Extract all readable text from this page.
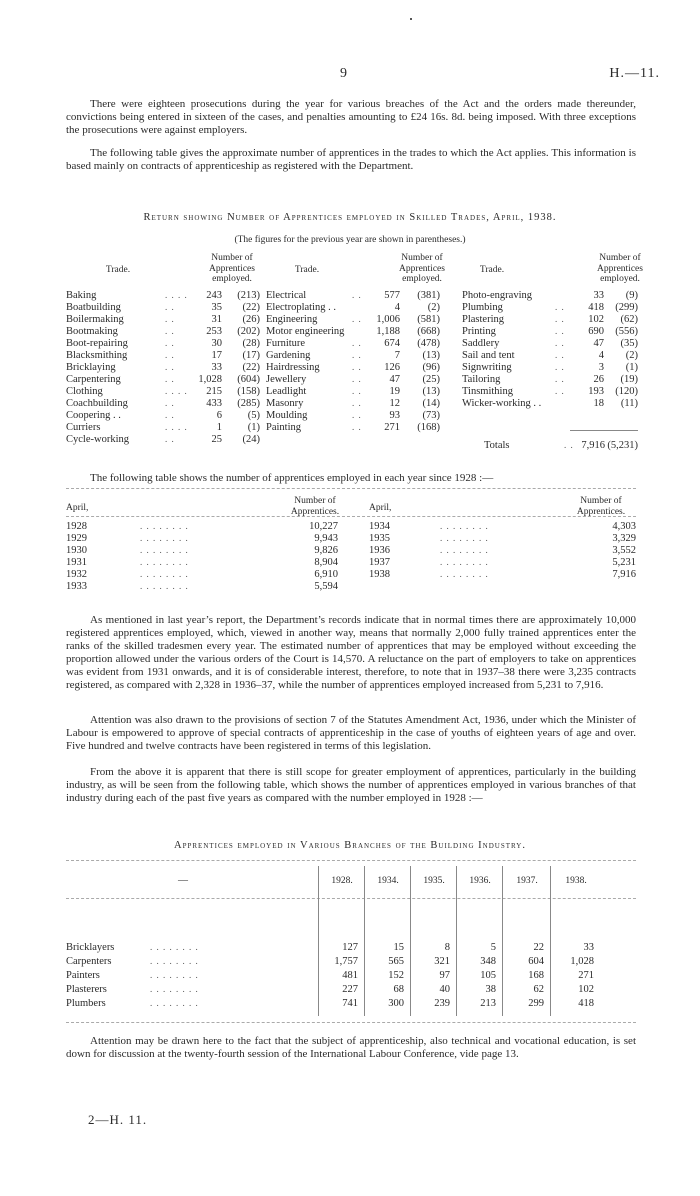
9	H.—11.

There were eighteen prosecutions during the year for various breaches of the Act and the orders made thereunder, convictions being entered in sixteen of the cases, and penalties amounting to £24 16s. 8d. being imposed. With three exceptions the prosecutions were against employers.

The following table gives the approximate number of apprentices in the trades to which the Act applies. This information is based mainly on contracts of apprenticeship as registered with the Department.

Return showing Number of Apprentices employed in Skilled Trades, April, 1938.
(The figures for the previous year are shown in parentheses.)
Trade.
Number of Apprentices employed.
Trade.
Number of Apprentices employed.
Trade.
Number of Apprentices employed.
Baking	. . . .	243	(213)
Boatbuilding	. .	35	(22)
Boilermaking	. .	31	(26)
Bootmaking	. .	253	(202)
Boot-repairing	. .	30	(28)
Blacksmithing	. .	17	(17)
Bricklaying	. .	33	(22)
Carpentering	. .	1,028	(604)
Clothing	. . . .	215	(158)
Coachbuilding	. .	433	(285)
Coopering . .	. .	6	(5)
Curriers	. . . .	1	(1)
Cycle-working	. .	25	(24)
Electrical	. .	577	(381)
Electroplating . .	4	(2)
Engineering	. .	1,006	(581)
Motor engineering	1,188	(668)
Furniture	. .	674	(478)
Gardening	. .	7	(13)
Hairdressing	. .	126	(96)
Jewellery	. .	47	(25)
Leadlight	. .	19	(13)
Masonry	. .	12	(14)
Moulding	. .	93	(73)
Painting	. .	271	(168)
Photo-engraving	33	(9)
Plumbing	. .	418	(299)
Plastering	. .	102	(62)
Printing	. .	690	(556)
Saddlery	. .	47	(35)
Sail and tent	. .	4	(2)
Signwriting	. .	3	(1)
Tailoring	. .	26	(19)
Tinsmithing	. .	193	(120)
Wicker-working . .	18	(11)
Totals	. . 7,916 (5,231)

The following table shows the number of apprentices employed in each year since 1928 :—

April,
Number of Apprentices.	April,
Number of Apprentices.
1928	. . . . . . . .	10,227
1929	. . . . . . . .	9,943
1930	. . . . . . . .	9,826
1931	. . . . . . . .	8,904
1932	. . . . . . . .	6,910
1933	. . . . . . . .	5,594
1934	. . . . . . . .	4,303
1935	. . . . . . . .	3,329
1936	. . . . . . . .	3,552
1937	. . . . . . . .	5,231
1938	. . . . . . . .	7,916

As mentioned in last year’s report, the Department’s records indicate that in normal times there are approximately 10,000 registered apprentices employed, which, viewed in another way, means that normally 2,000 fully trained apprentices enter the ranks of the skilled tradesmen every year. The estimated number of apprentices that may be employed without exceeding the proportion allowed under the various orders of the Court is 14,570. A reluctance on the part of employers to take on apprentices was evident from 1931 onwards, and it is of considerable interest, therefore, to note that in 1937–38 there were 3,235 contracts registered, as compared with 2,328 in 1936–37, while the number of apprentices employed increased from 5,231 to 7,916.

Attention was also drawn to the provisions of section 7 of the Statutes Amendment Act, 1936, under which the Minister of Labour is empowered to approve of special contracts of apprenticeship in the case of youths of eighteen years of age and over. Five hundred and twelve contracts have been registered in terms of this legislation.

From the above it is apparent that there is still scope for greater employment of apprentices, particularly in the building industry, as will be seen from the following table, which shows the number of apprentices employed in various branches of that industry during each of the past five years as compared with the number employed in 1928 :—

Apprentices employed in Various Branches of the Building Industry.
—	1928.	1934.	1935.	1936.	1937.	1938.
Bricklayers	. . . . . . . .	127	15	8	5	22	33
Carpenters	. . . . . . . .	1,757	565	321	348	604	1,028
Painters	. . . . . . . .	481	152	97	105	168	271
Plasterers	. . . . . . . .	227	68	40	38	62	102
Plumbers	. . . . . . . .	741	300	239	213	299	418

Attention may be drawn here to the fact that the subject of apprenticeship, also technical and vocational education, is set down for discussion at the twenty-fourth session of the International Labour Conference, vide page 13.

2—H. 11.
